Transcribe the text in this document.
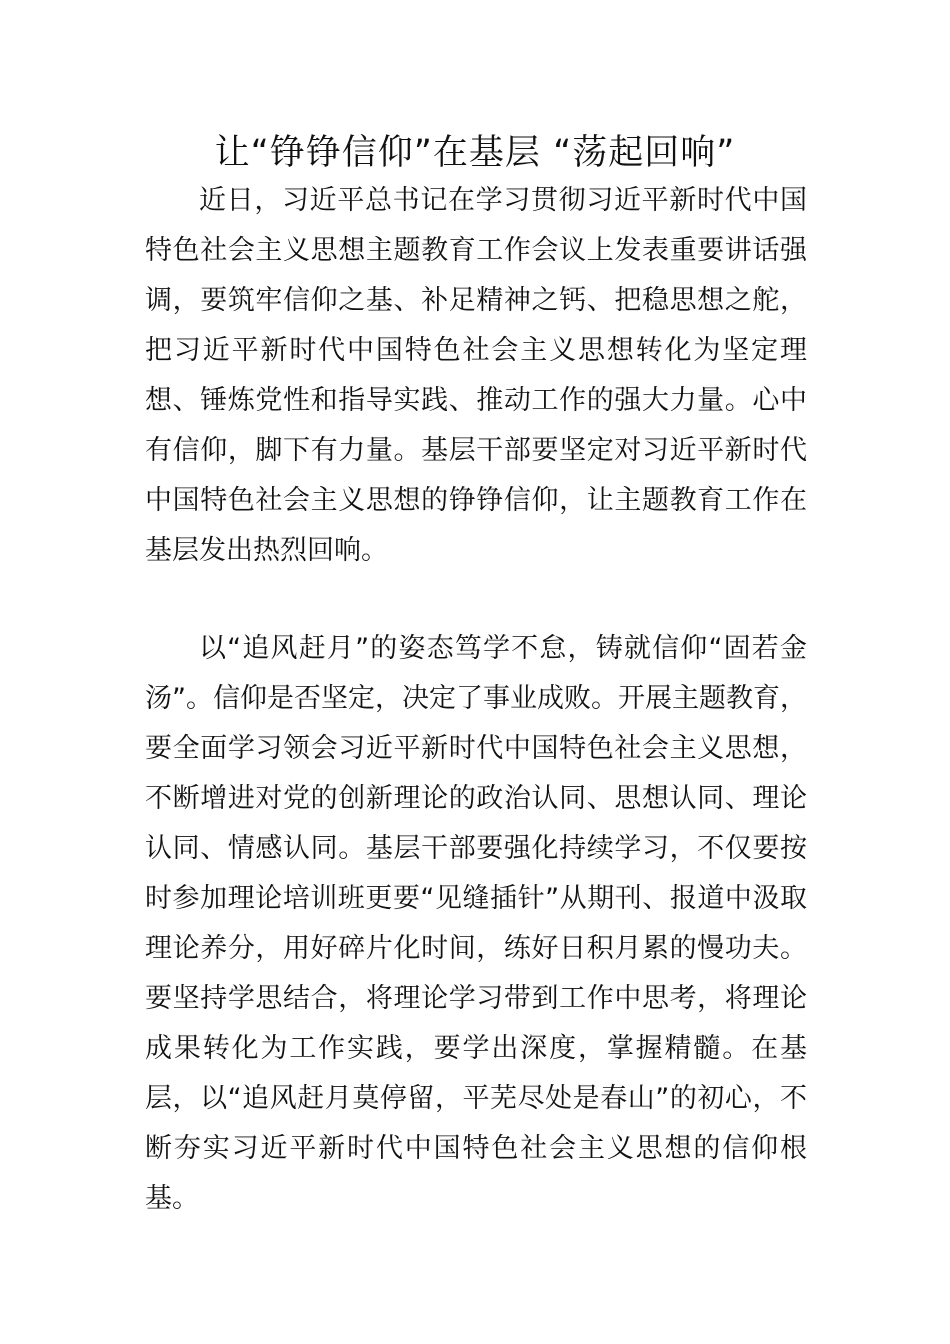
让“铮铮信仰”在基层 “荡起回响”

近日，习近平总书记在学习贯彻习近平新时代中国特色社会主义思想主题教育工作会议上发表重要讲话强调，要筑牢信仰之基、补足精神之钙、把稳思想之舵，把习近平新时代中国特色社会主义思想转化为坚定理想、锤炼党性和指导实践、推动工作的强大力量。心中有信仰，脚下有力量。基层干部要坚定对习近平新时代中国特色社会主义思想的铮铮信仰，让主题教育工作在基层发出热烈回响。

以“追风赶月”的姿态笃学不怠，铸就信仰“固若金汤”。信仰是否坚定，决定了事业成败。开展主题教育，要全面学习领会习近平新时代中国特色社会主义思想，不断增进对党的创新理论的政治认同、思想认同、理论认同、情感认同。基层干部要强化持续学习，不仅要按时参加理论培训班更要“见缝插针”从期刊、报道中汲取理论养分，用好碎片化时间，练好日积月累的慢功夫。要坚持学思结合，将理论学习带到工作中思考，将理论成果转化为工作实践，要学出深度，掌握精髓。在基层，以“追风赶月莫停留，平芜尽处是春山”的初心，不断夯实习近平新时代中国特色社会主义思想的信仰根基。
